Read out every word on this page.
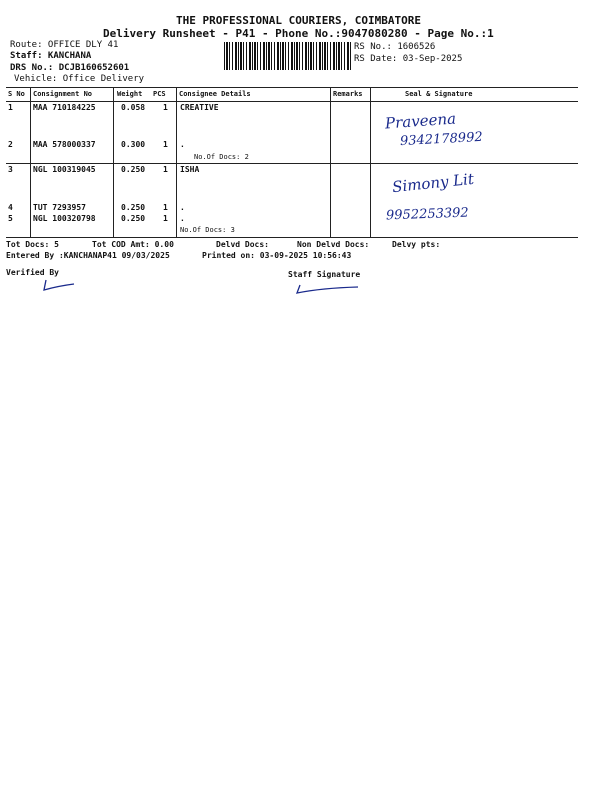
THE PROFESSIONAL COURIERS, COIMBATORE
Delivery Runsheet - P41 - Phone No.:9047080280 - Page No.:1
Route: OFFICE DLY 41
Staff: KANCHANA
DRS No.: DCJB160652601
Vehicle: Office Delivery
RS No.: 1606526
RS Date: 03-Sep-2025
S No Consignment No	Weight PCS Consignee Details	Remarks	Seal & Signature
1	MAA 710184225	0.058 1 CREATIVE
2	MAA 578000337	0.300 1 .
No.Of Docs: 2
3	NGL 100319045	0.250 1 ISHA
4	TUT 7293957	0.250 1 .
5	NGL 100320798	0.250 1 .
No.Of Docs: 3
Praveena
9342178992
Simony Lit
9952253392
Tot Docs: 5	Tot COD Amt: 0.00	Delvd Docs:	Non Delvd Docs:	Delvy pts:
Entered By :KANCHANAP41 09/03/2025	Printed on: 03-09-2025 10:56:43
Verified By	Staff Signature
